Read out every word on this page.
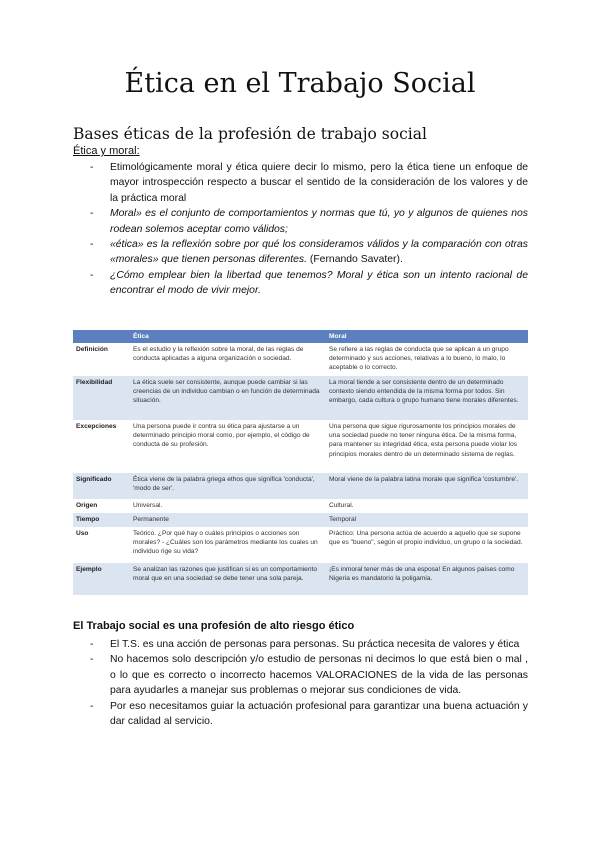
Ética en el Trabajo Social
Bases éticas de la profesión de trabajo social
Ética y moral:
- Etimológicamente moral y ética quiere decir lo mismo, pero la ética tiene un enfoque de mayor introspección respecto a buscar el sentido de la consideración de los valores y de la práctica moral
- Moral» es el conjunto de comportamientos y normas que tú, yo y algunos de quienes nos rodean solemos aceptar como válidos;
- «ética» es la reflexión sobre por qué los consideramos válidos y la comparación con otras «morales» que tienen personas diferentes. (Fernando Savater).
- ¿Cómo emplear bien la libertad que tenemos? Moral y ética son un intento racional de encontrar el modo de vivir mejor.
	Ética	Moral
Definición	Es el estudio y la reflexión sobre la moral, de las reglas de conducta aplicadas a alguna organización o sociedad.	Se refiere a las reglas de conducta que se aplican a un grupo determinado y sus acciones, relativas a lo bueno, lo malo, lo aceptable o lo correcto.
Flexibilidad	La ética suele ser consistente, aunque puede cambiar si las creencias de un individuo cambian o en función de determinada situación.	La moral tiende a ser consistente dentro de un determinado contexto siendo entendida de la misma forma por todos. Sin embargo, cada cultura o grupo humano tiene morales diferentes.
Excepciones	Una persona puede ir contra su ética para ajustarse a un determinado principio moral como, por ejemplo, el código de conducta de su profesión.	Una persona que sigue rigurosamente los principios morales de una sociedad puede no tener ninguna ética. De la misma forma, para mantener su integridad ética, esta persona puede violar los principios morales dentro de un determinado sistema de reglas.
Significado	Ética viene de la palabra griega ethos que significa 'conducta', 'modo de ser'.	Moral viene de la palabra latina morale que significa 'costumbre'.
Origen	Universal.	Cultural.
Tiempo	Permanente	Temporal
Uso	Teórico. ¿Por qué hay o cuáles principios o acciones son morales? - ¿Cuáles son los parámetros mediante los cuales un individuo rige su vida?	Práctico: Una persona actúa de acuerdo a aquello que se supone que es "bueno", según el propio individuo, un grupo o la sociedad.
Ejemplo	Se analizan las razones que justifican si es un comportamiento moral que en una sociedad se debe tener una sola pareja.	¡Es inmoral tener más de una esposa! En algunos países como Nigeria es mandatorio la poligamia.
El Trabajo social es una profesión de alto riesgo ético
- El T.S. es una acción de personas para personas. Su práctica necesita de valores y ética
- No hacemos solo descripción y/o estudio de personas ni decimos lo que está bien o mal , o lo que es correcto o incorrecto hacemos VALORACIONES de la vida de las personas para ayudarles a manejar sus problemas o mejorar sus condiciones de vida.
- Por eso necesitamos guiar la actuación profesional para garantizar una buena actuación y dar calidad al servicio.
